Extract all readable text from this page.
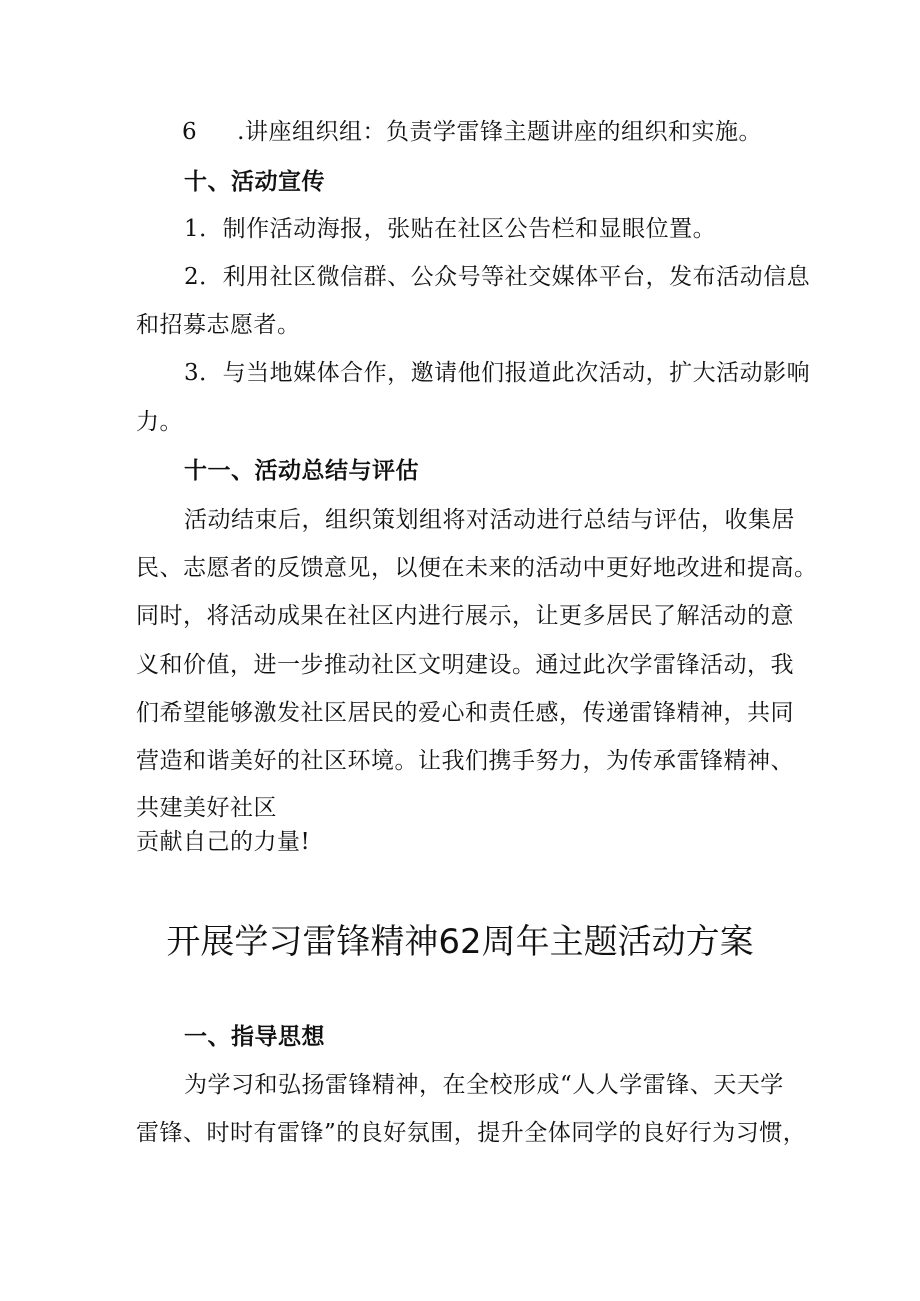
6 .讲座组织组：负责学雷锋主题讲座的组织和实施。
十、活动宣传
1．制作活动海报，张贴在社区公告栏和显眼位置。
2．利用社区微信群、公众号等社交媒体平台，发布活动信息
和招募志愿者。
3．与当地媒体合作，邀请他们报道此次活动，扩大活动影响
力。
十一、活动总结与评估
活动结束后，组织策划组将对活动进行总结与评估，收集居
民、志愿者的反馈意见，以便在未来的活动中更好地改进和提高。
同时，将活动成果在社区内进行展示，让更多居民了解活动的意
义和价值，进一步推动社区文明建设。通过此次学雷锋活动，我
们希望能够激发社区居民的爱心和责任感，传递雷锋精神，共同
营造和谐美好的社区环境。让我们携手努力，为传承雷锋精神、
共建美好社区
贡献自己的力量!
开展学习雷锋精神62周年主题活动方案
一、指导思想
为学习和弘扬雷锋精神，在全校形成“人人学雷锋、天天学
雷锋、时时有雷锋”的良好氛围，提升全体同学的良好行为习惯，
